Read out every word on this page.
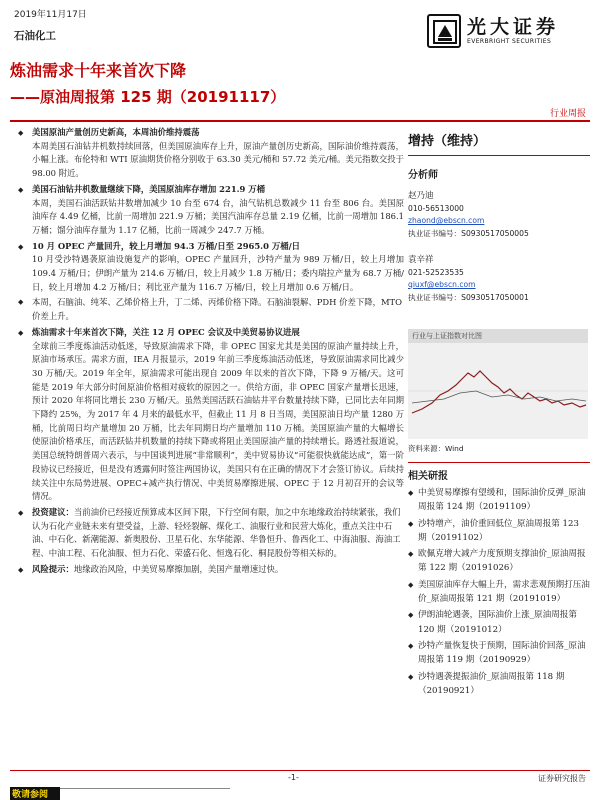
2019年11月17日
石油化工	光大证券
EVERBRIGHT SECURITIES
炼油需求十年来首次下降
——原油周报第 125 期（20191117）
行业周报
◆ 美国原油产量创历史新高，本周油价维持震荡
本周美国石油钻井机数持续回落，但美国原油库存上升，原油产量创历史新高，国际油价维持震荡，小幅上涨。布伦特和 WTI 原油期货价格分别收于 63.30 美元/桶和 57.72 美元/桶。美元指数交投于 98.00 附近。
◆ 美国石油钻井机数量继续下降，美国原油库存增加 221.9 万桶
本周，美国石油活跃钻井数增加减少 10 台至 674 台，油气钻机总数减少 11 台至 806 台。美国原油库存 4.49 亿桶，比前一周增加 221.9 万桶；美国汽油库存总量 2.19 亿桶，比前一周增加 186.1 万桶；馏分油库存量为 1.17 亿桶，比前一周减少 247.7 万桶。
◆ 10 月 OPEC 产量回升，较上月增加 94.3 万桶/日至 2965.0 万桶/日
10 月受沙特遇袭原油设施复产的影响，OPEC 产量回升，沙特产量为 989 万桶/日，较上月增加 109.4 万桶/日；伊朗产量为 214.6 万桶/日，较上月减少 1.8 万桶/日；委内瑞拉产量为 68.7 万桶/日，较上月增加 4.2 万桶/日；利比亚产量为 116.7 万桶/日，较上月增加 0.6 万桶/日。
◆ 本周，石脑油、纯苯、乙烯价格上升，丁二烯、丙烯价格下降。石脑油裂解、PDH 价差下降，MTO 价差上升。
◆ 炼油需求十年来首次下降，关注 12 月 OPEC 会议及中美贸易协议进展
全球前三季度炼油活动低迷，导致原油需求下降，非 OPEC 国家尤其是美国的原油产量持续上升，原油市场承压。需求方面，IEA 月报显示，2019 年前三季度炼油活动低迷，导致原油需求同比减少 30 万桶/天。2019 年全年，原油需求可能出现自 2009 年以来的首次下降，下降 9 万桶/天。这可能是 2019 年大部分时间原油价格相对疲软的原因之一。供给方面，非 OPEC 国家产量增长迅速，预计 2020 年将同比增长 230 万桶/天。虽然美国活跃石油钻井平台数量持续下降，已同比去年同期下降约 25%，为 2017 年 4 月来的最低水平，但截止 11 月 8 日当周，美国原油日均产量 1280 万桶，比前周日均产量增加 20 万桶，比去年同期日均产量增加 110 万桶。美国原油产量的大幅增长使原油价格承压，而活跃钻井机数量的持续下降或将阻止美国原油产量的持续增长。路透社报道说，美国总统特朗普周六表示，与中国谈判进展“非常顺利”，美中贸易协议“可能很快就能达成”，第一阶段协议已经接近，但是没有透露何时签注两国协议，美国只有在正确的情况下才会签订协议。后续持续关注中东局势进展、OPEC+减产执行情况、中美贸易摩擦进展、OPEC 于 12 月初召开的会议等情况。
◆ 投资建议：当前油价已经接近预算成本区间下限，下行空间有限，加之中东地缘政治持续紧张，我们认为石化产业链未来有望受益，上游、轻烃裂解、煤化工、油服行业和民营大炼化，重点关注中石油、中石化、新潮能源、新奥股份、卫星石化、东华能源、华鲁恒升、鲁西化工、中海油服、海油工程、中油工程、石化油服、恒力石化、荣盛石化、恒逸石化、桐昆股份等相关标的。
◆ 风险提示：地缘政治风险，中美贸易摩擦加剧，美国产量增速过快。
增持（维持）
分析师
赵乃迪
010-56513000
zhaond@ebscn.com
执业证书编号：S0930517050005
袁辛祥
021-52523535
qiuxf@ebscn.com
执业证书编号：S0930517050001
行业与上证指数对比图
资料来源：Wind
相关研报
◆ 中美贸易摩擦有望缓和，国际油价反弹_原油周报第 124 期（20191109）
◆ 沙特增产，油价重回低位_原油周报第 123 期（20191102）
◆ 欧佩克增大减产力度预期支撑油价_原油周报第 122 期（20191026）
◆ 美国原油库存大幅上升，需求悲观预期打压油价_原油周报第 121 期（20191019）
◆ 伊朗油轮遇袭，国际油价上涨_原油周报第 120 期（20191012）
◆ 沙特产量恢复快于预期，国际油价回落_原油周报第 119 期（20190929）
◆ 沙特遇袭提振油价_原油周报第 118 期（20190921）
-1-	证券研究报告
敬请参阅
